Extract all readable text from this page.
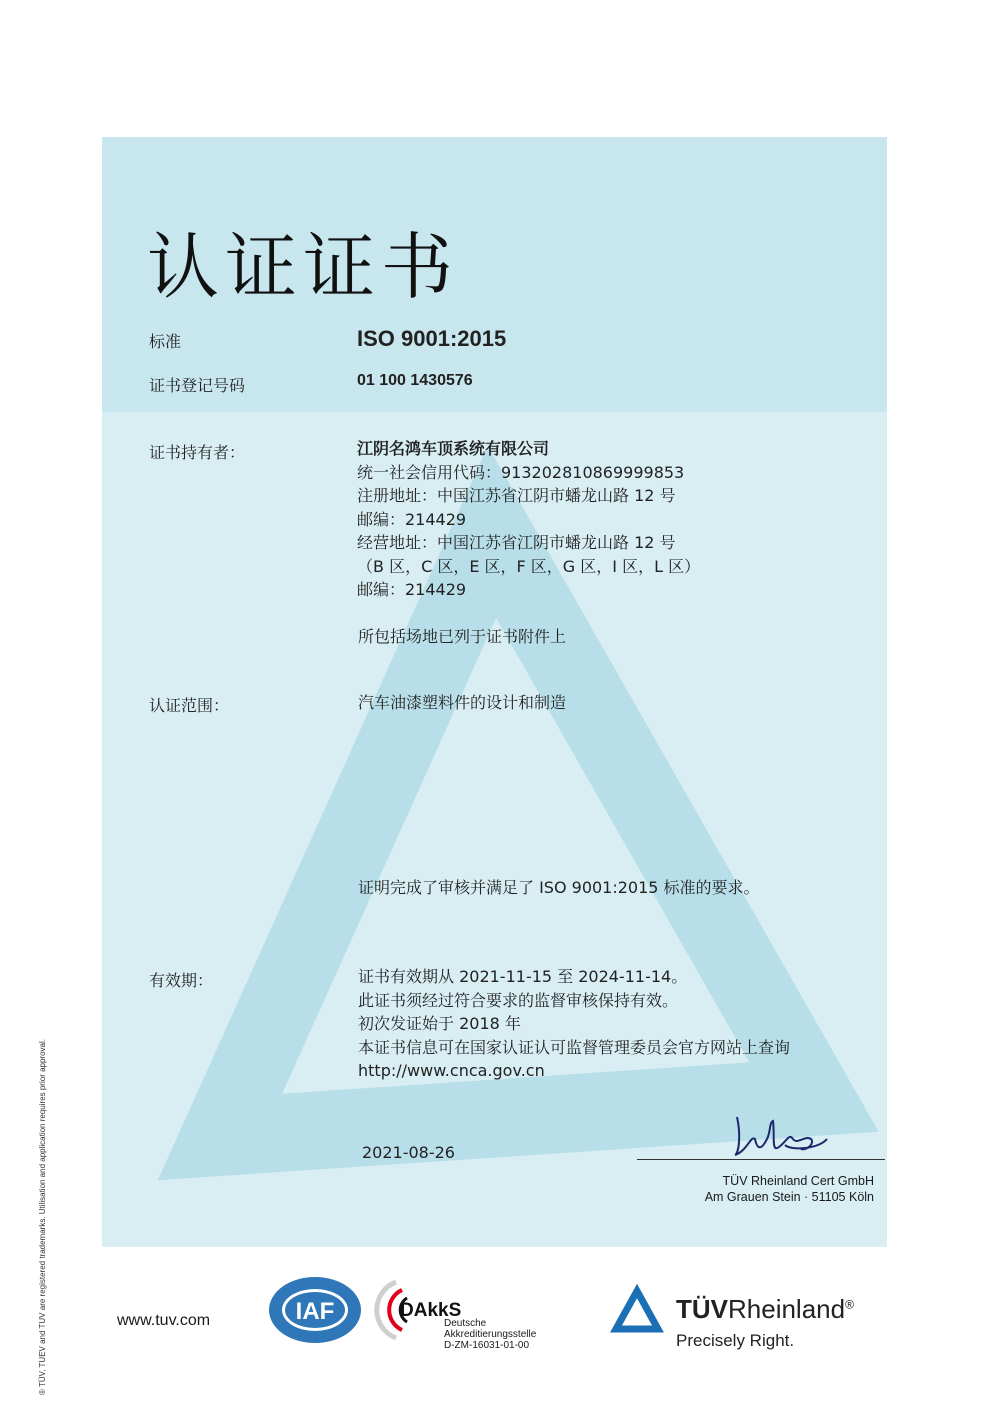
认证证书
标准	ISO 9001:2015
证书登记号码	01 100 1430576
证书持有者：	江阴名鸿车顶系统有限公司
统一社会信用代码：913202810869999853
注册地址：中国江苏省江阴市蟠龙山路 12 号
邮编：214429
经营地址：中国江苏省江阴市蟠龙山路 12 号
（B 区，C 区，E 区，F 区，G 区，I 区，L 区）
邮编：214429
所包括场地已列于证书附件上
认证范围：	汽车油漆塑料件的设计和制造
证明完成了审核并满足了 ISO 9001:2015 标准的要求。
有效期：	证书有效期从 2021-11-15 至 2024-11-14。
此证书须经过符合要求的监督审核保持有效。
初次发证始于 2018 年
本证书信息可在国家认证认可监督管理委员会官方网站上查询
http://www.cnca.gov.cn
2021-08-26
TÜV Rheinland Cert GmbH
Am Grauen Stein · 51105 Köln
® TÜV, TUEV and TUV are registered trademarks. Utilisation and application requires prior approval.	www.tuv.com	IAF	DAkkS
Deutsche
Akkreditierungsstelle
D-ZM-16031-01-00
TÜVRheinland®
Precisely Right.
